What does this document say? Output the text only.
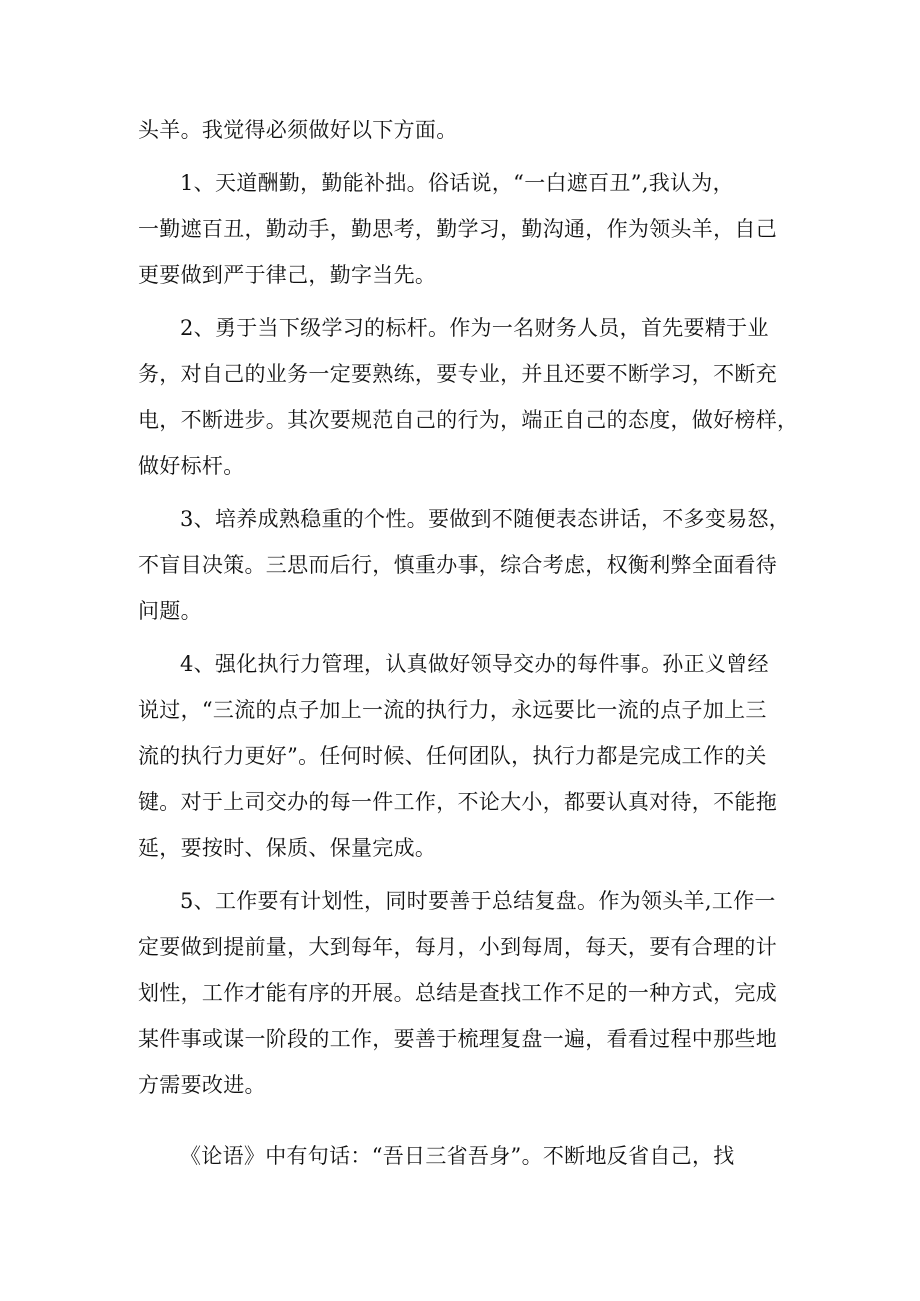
头羊。我觉得必须做好以下方面。
1、天道酬勤，勤能补拙。俗话说，“一白遮百丑”,我认为，
一勤遮百丑，勤动手，勤思考，勤学习，勤沟通，作为领头羊，自己
更要做到严于律己，勤字当先。
2、勇于当下级学习的标杆。作为一名财务人员，首先要精于业
务，对自己的业务一定要熟练，要专业，并且还要不断学习，不断充
电，不断进步。其次要规范自己的行为，端正自己的态度，做好榜样，
做好标杆。
3、培养成熟稳重的个性。要做到不随便表态讲话，不多变易怒，
不盲目决策。三思而后行，慎重办事，综合考虑，权衡利弊全面看待
问题。
4、强化执行力管理，认真做好领导交办的每件事。孙正义曾经
说过，“三流的点子加上一流的执行力，永远要比一流的点子加上三
流的执行力更好”。任何时候、任何团队，执行力都是完成工作的关
键。对于上司交办的每一件工作，不论大小，都要认真对待，不能拖
延，要按时、保质、保量完成。
5、工作要有计划性，同时要善于总结复盘。作为领头羊,工作一
定要做到提前量，大到每年，每月，小到每周，每天，要有合理的计
划性，工作才能有序的开展。总结是查找工作不足的一种方式，完成
某件事或谋一阶段的工作，要善于梳理复盘一遍，看看过程中那些地
方需要改进。
《论语》中有句话：“吾日三省吾身”。不断地反省自己，找
